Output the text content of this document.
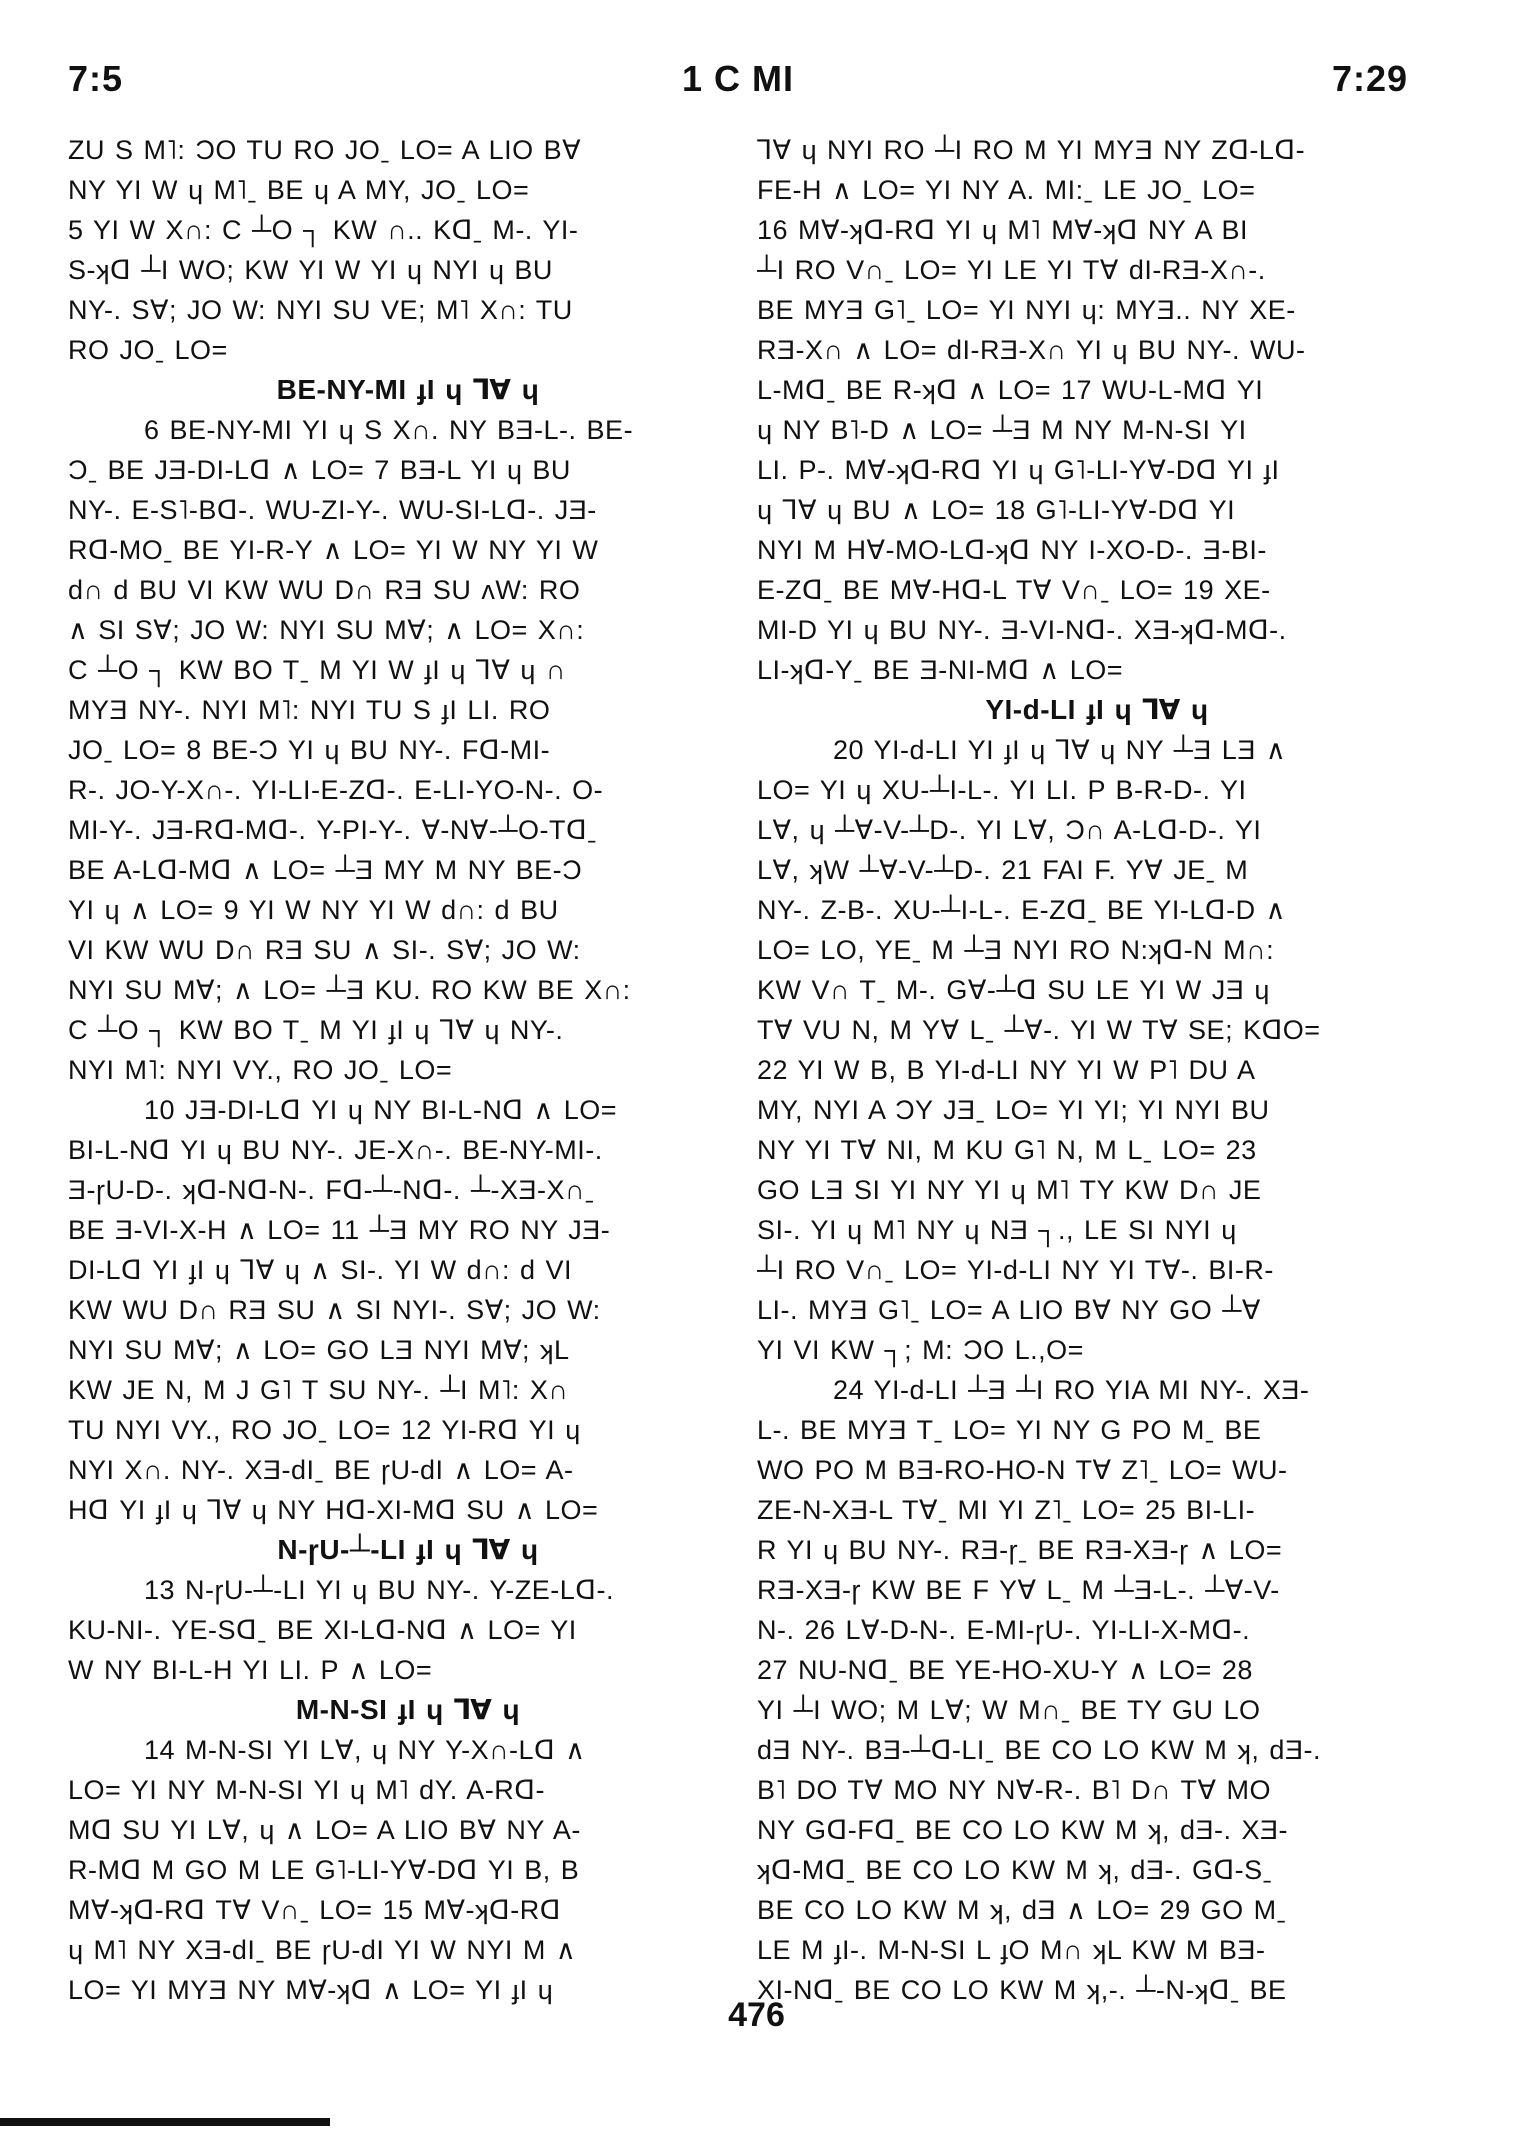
7:5	1 C MI	7:29
ZU S M˥: ƆO TU RO JOˍ LO= A LIO BⱯ
NY YI W ɥ M˥ˍ BE ɥ A MY, JOˍ LO=
5 YI W X∩: C ┴O ┐ KW ∩.. Kᗡˍ M-. YI-
S-ʞᗡ ┴I WO; KW YI W YI ɥ NYI ɥ BU
NY-. SⱯ; JO W: NYI SU VE; M˥ X∩: TU
RO JOˍ LO=
BE-NY-MI ɟI ɥ ⅂Ɐ ɥ
6 BE-NY-MI YI ɥ S X∩. NY BƎ-L-. BE-
Ɔˍ BE JƎ-DI-Lᗡ ∧ LO= 7 BƎ-L YI ɥ BU
NY-. E-S˥-Bᗡ-. WU-ZI-Y-. WU-SI-Lᗡ-. JƎ-
Rᗡ-MOˍ BE YI-R-Y ∧ LO= YI W NY YI W
d∩ d BU VI KW WU D∩ RƎ SU ʌW: RO
∧ SI SⱯ; JO W: NYI SU MⱯ; ∧ LO= X∩:
C ┴O ┐ KW BO Tˍ M YI W ɟI ɥ ⅂Ɐ ɥ ∩
MYƎ NY-. NYI M˥: NYI TU S ɟI LI. RO
JOˍ LO= 8 BE-Ɔ YI ɥ BU NY-. Fᗡ-MI-
R-. JO-Y-X∩-. YI-LI-E-Zᗡ-. E-LI-YO-N-. O-
MI-Y-. JƎ-Rᗡ-Mᗡ-. Y-PI-Y-. Ɐ-NⱯ-┴O-Tᗡˍ
BE A-Lᗡ-Mᗡ ∧ LO= ┴Ǝ MY M NY BE-Ɔ
YI ɥ ∧ LO= 9 YI W NY YI W d∩: d BU
VI KW WU D∩ RƎ SU ∧ SI-. SⱯ; JO W:
NYI SU MⱯ; ∧ LO= ┴Ǝ KU. RO KW BE X∩:
C ┴O ┐ KW BO Tˍ M YI ɟI ɥ ⅂Ɐ ɥ NY-.
NYI M˥: NYI VY., RO JOˍ LO=
10 JƎ-DI-Lᗡ YI ɥ NY BI-L-Nᗡ ∧ LO=
BI-L-Nᗡ YI ɥ BU NY-. JE-X∩-. BE-NY-MI-.
Ǝ-ɼU-D-. ʞᗡ-Nᗡ-N-. Fᗡ-┴-Nᗡ-. ┴-XƎ-X∩ˍ
BE Ǝ-VI-X-H ∧ LO= 11 ┴Ǝ MY RO NY JƎ-
DI-Lᗡ YI ɟI ɥ ⅂Ɐ ɥ ∧ SI-. YI W d∩: d VI
KW WU D∩ RƎ SU ∧ SI NYI-. SⱯ; JO W:
NYI SU MⱯ; ∧ LO= GO LƎ NYI MⱯ; ʞL
KW JE N, M J G˥ T SU NY-. ┴I M˥: X∩
TU NYI VY., RO JOˍ LO= 12 YI-Rᗡ YI ɥ
NYI X∩. NY-. XƎ-dIˍ BE ɼU-dI ∧ LO= A-
Hᗡ YI ɟI ɥ ⅂Ɐ ɥ NY Hᗡ-XI-Mᗡ SU ∧ LO=
N-ɼU-┴-LI ɟI ɥ ⅂Ɐ ɥ
13 N-ɼU-┴-LI YI ɥ BU NY-. Y-ZE-Lᗡ-.
KU-NI-. YE-Sᗡˍ BE XI-Lᗡ-Nᗡ ∧ LO= YI
W NY BI-L-H YI LI. P ∧ LO=
M-N-SI ɟI ɥ ⅂Ɐ ɥ
14 M-N-SI YI LⱯ, ɥ NY Y-X∩-Lᗡ ∧
LO= YI NY M-N-SI YI ɥ M˥ dY. A-Rᗡ-
Mᗡ SU YI LⱯ, ɥ ∧ LO= A LIO BⱯ NY A-
R-Mᗡ M GO M LE G˥-LI-YⱯ-Dᗡ YI B, B
MⱯ-ʞᗡ-Rᗡ TⱯ V∩ˍ LO= 15 MⱯ-ʞᗡ-Rᗡ
ɥ M˥ NY XƎ-dIˍ BE ɼU-dI YI W NYI M ∧
LO= YI MYƎ NY MⱯ-ʞᗡ ∧ LO= YI ɟI ɥ
⅂Ɐ ɥ NYI RO ┴I RO M YI MYƎ NY Zᗡ-Lᗡ-
FE-H ∧ LO= YI NY A. MI:ˍ LE JOˍ LO=
16 MⱯ-ʞᗡ-Rᗡ YI ɥ M˥ MⱯ-ʞᗡ NY A BI
┴I RO V∩ˍ LO= YI LE YI TⱯ dI-RƎ-X∩-.
BE MYƎ G˥ˍ LO= YI NYI ɥ: MYƎ.. NY XE-
RƎ-X∩ ∧ LO= dI-RƎ-X∩ YI ɥ BU NY-. WU-
L-Mᗡˍ BE R-ʞᗡ ∧ LO= 17 WU-L-Mᗡ YI
ɥ NY B˥-D ∧ LO= ┴Ǝ M NY M-N-SI YI
LI. P-. MⱯ-ʞᗡ-Rᗡ YI ɥ G˥-LI-YⱯ-Dᗡ YI ɟI
ɥ ⅂Ɐ ɥ BU ∧ LO= 18 G˥-LI-YⱯ-Dᗡ YI
NYI M HⱯ-MO-Lᗡ-ʞᗡ NY I-XO-D-. Ǝ-BI-
E-Zᗡˍ BE MⱯ-Hᗡ-L TⱯ V∩ˍ LO= 19 XE-
MI-D YI ɥ BU NY-. Ǝ-VI-Nᗡ-. XƎ-ʞᗡ-Mᗡ-.
LI-ʞᗡ-Yˍ BE Ǝ-NI-Mᗡ ∧ LO=
YI-d-LI ɟI ɥ ⅂Ɐ ɥ
20 YI-d-LI YI ɟI ɥ ⅂Ɐ ɥ NY ┴Ǝ LƎ ∧
LO= YI ɥ XU-┴I-L-. YI LI. P B-R-D-. YI
LⱯ, ɥ ┴Ɐ-V-┴D-. YI LⱯ, Ɔ∩ A-Lᗡ-D-. YI
LⱯ, ʞW ┴Ɐ-V-┴D-. 21 FAI F. YⱯ JEˍ M
NY-. Z-B-. XU-┴I-L-. E-Zᗡˍ BE YI-Lᗡ-D ∧
LO= LO, YEˍ M ┴Ǝ NYI RO N:ʞᗡ-N M∩:
KW V∩ Tˍ M-. GⱯ-┴ᗡ SU LE YI W JƎ ɥ
TⱯ VU N, M YⱯ Lˍ ┴Ɐ-. YI W TⱯ SE; KᗡO=
22 YI W B, B YI-d-LI NY YI W P˥ DU A
MY, NYI A ƆY JƎˍ LO= YI YI; YI NYI BU
NY YI TⱯ NI, M KU G˥ N, M Lˍ LO= 23
GO LƎ SI YI NY YI ɥ M˥ TY KW D∩ JE
SI-. YI ɥ M˥ NY ɥ NƎ ┐., LE SI NYI ɥ
┴I RO V∩ˍ LO= YI-d-LI NY YI TⱯ-. BI-R-
LI-. MYƎ G˥ˍ LO= A LIO BⱯ NY GO ┴Ɐ
YI VI KW ┐; M: ƆO L.,O=
24 YI-d-LI ┴Ǝ ┴I RO YIA MI NY-. XƎ-
L-. BE MYƎ Tˍ LO= YI NY G PO Mˍ BE
WO PO M BƎ-RO-HO-N TⱯ Z˥ˍ LO= WU-
ZE-N-XƎ-L TⱯˍ MI YI Z˥ˍ LO= 25 BI-LI-
R YI ɥ BU NY-. RƎ-ɼˍ BE RƎ-XƎ-ɼ ∧ LO=
RƎ-XƎ-ɼ KW BE F YⱯ Lˍ M ┴Ǝ-L-. ┴Ɐ-V-
N-. 26 LⱯ-D-N-. E-MI-ɼU-. YI-LI-X-Mᗡ-.
27 NU-Nᗡˍ BE YE-HO-XU-Y ∧ LO= 28
YI ┴I WO; M LⱯ; W M∩ˍ BE TY GU LO
dƎ NY-. BƎ-┴ᗡ-LIˍ BE CO LO KW M ʞ, dƎ-.
B˥ DO TⱯ MO NY NⱯ-R-. B˥ D∩ TⱯ MO
NY Gᗡ-Fᗡˍ BE CO LO KW M ʞ, dƎ-. XƎ-
ʞᗡ-Mᗡˍ BE CO LO KW M ʞ, dƎ-. Gᗡ-Sˍ
BE CO LO KW M ʞ, dƎ ∧ LO= 29 GO Mˍ
LE M ɟI-. M-N-SI L ɟO M∩ ʞL KW M BƎ-
XI-Nᗡˍ BE CO LO KW M ʞ,-. ┴-N-ʞᗡˍ BE
476
